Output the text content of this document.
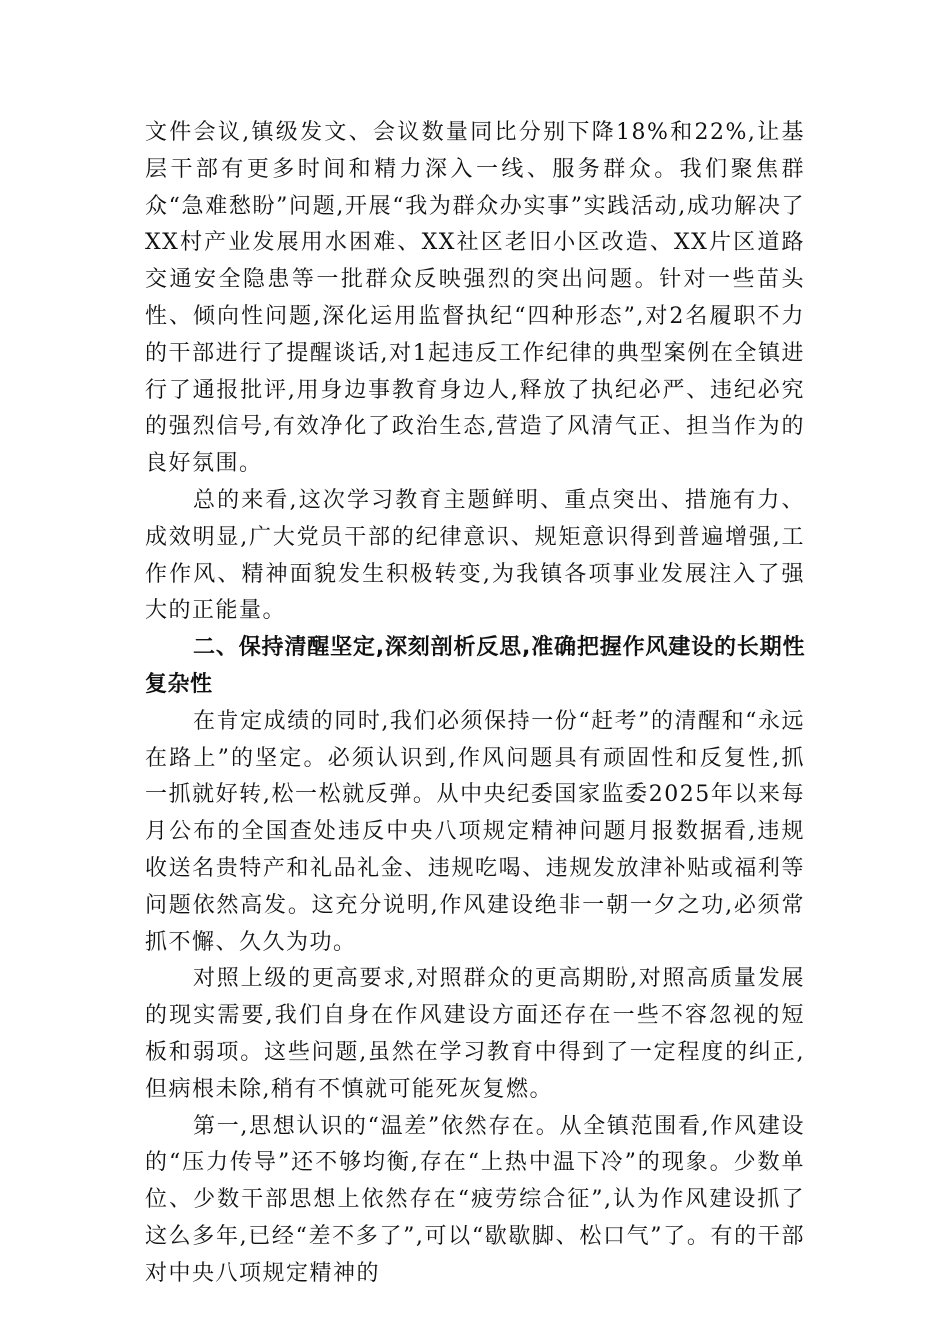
文件会议,镇级发文、会议数量同比分别下降18%和22%,让基层干部有更多时间和精力深入一线、服务群众。我们聚焦群众“急难愁盼”问题,开展“我为群众办实事”实践活动,成功解决了XX村产业发展用水困难、XX社区老旧小区改造、XX片区道路交通安全隐患等一批群众反映强烈的突出问题。针对一些苗头性、倾向性问题,深化运用监督执纪“四种形态”,对2名履职不力的干部进行了提醒谈话,对1起违反工作纪律的典型案例在全镇进行了通报批评,用身边事教育身边人,释放了执纪必严、违纪必究的强烈信号,有效净化了政治生态,营造了风清气正、担当作为的良好氛围。

总的来看,这次学习教育主题鲜明、重点突出、措施有力、成效明显,广大党员干部的纪律意识、规矩意识得到普遍增强,工作作风、精神面貌发生积极转变,为我镇各项事业发展注入了强大的正能量。

二、保持清醒坚定,深刻剖析反思,准确把握作风建设的长期性复杂性

在肯定成绩的同时,我们必须保持一份“赶考”的清醒和“永远在路上”的坚定。必须认识到,作风问题具有顽固性和反复性,抓一抓就好转,松一松就反弹。从中央纪委国家监委2025年以来每月公布的全国查处违反中央八项规定精神问题月报数据看,违规收送名贵特产和礼品礼金、违规吃喝、违规发放津补贴或福利等问题依然高发。这充分说明,作风建设绝非一朝一夕之功,必须常抓不懈、久久为功。

对照上级的更高要求,对照群众的更高期盼,对照高质量发展的现实需要,我们自身在作风建设方面还存在一些不容忽视的短板和弱项。这些问题,虽然在学习教育中得到了一定程度的纠正,但病根未除,稍有不慎就可能死灰复燃。

第一,思想认识的“温差”依然存在。从全镇范围看,作风建设的“压力传导”还不够均衡,存在“上热中温下冷”的现象。少数单位、少数干部思想上依然存在“疲劳综合征”,认为作风建设抓了这么多年,已经“差不多了”,可以“歇歇脚、松口气”了。有的干部对中央八项规定精神的
